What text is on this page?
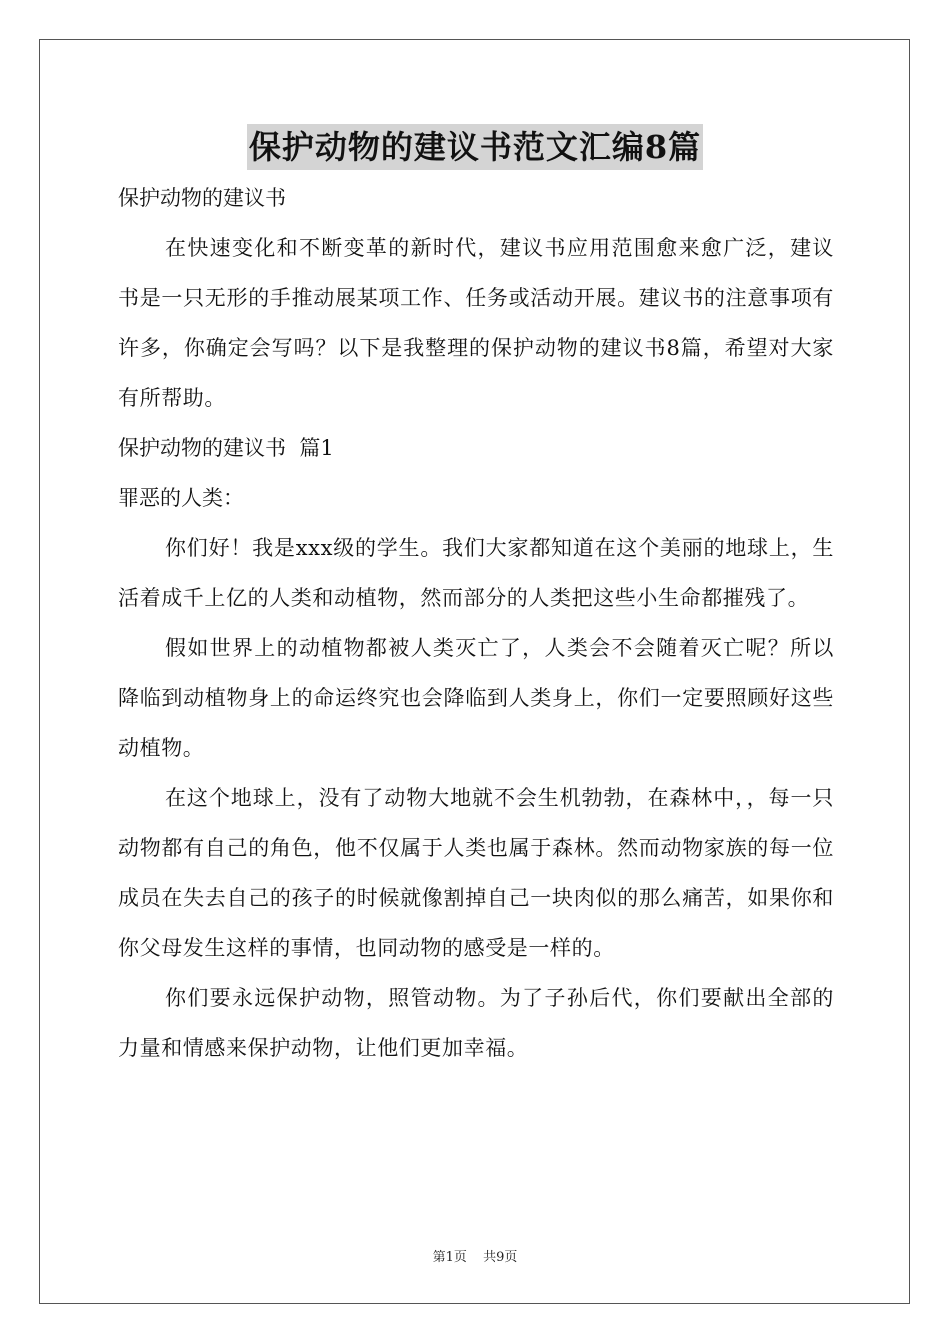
保护动物的建议书范文汇编8篇

保护动物的建议书

在快速变化和不断变革的新时代，建议书应用范围愈来愈广泛，建议书是一只无形的手推动展某项工作、任务或活动开展。建议书的注意事项有许多，你确定会写吗？以下是我整理的保护动物的建议书8篇，希望对大家有所帮助。

保护动物的建议书  篇1

罪恶的人类：

你们好！我是xxx级的学生。我们大家都知道在这个美丽的地球上，生活着成千上亿的人类和动植物，然而部分的人类把这些小生命都摧残了。

假如世界上的动植物都被人类灭亡了，人类会不会随着灭亡呢？所以降临到动植物身上的命运终究也会降临到人类身上，你们一定要照顾好这些动植物。

在这个地球上，没有了动物大地就不会生机勃勃，在森林中，，每一只动物都有自己的角色，他不仅属于人类也属于森林。然而动物家族的每一位成员在失去自己的孩子的时候就像割掉自己一块肉似的那么痛苦，如果你和你父母发生这样的事情，也同动物的感受是一样的。

你们要永远保护动物，照管动物。为了子孙后代，你们要献出全部的力量和情感来保护动物，让他们更加幸福。

第1页 共9页
